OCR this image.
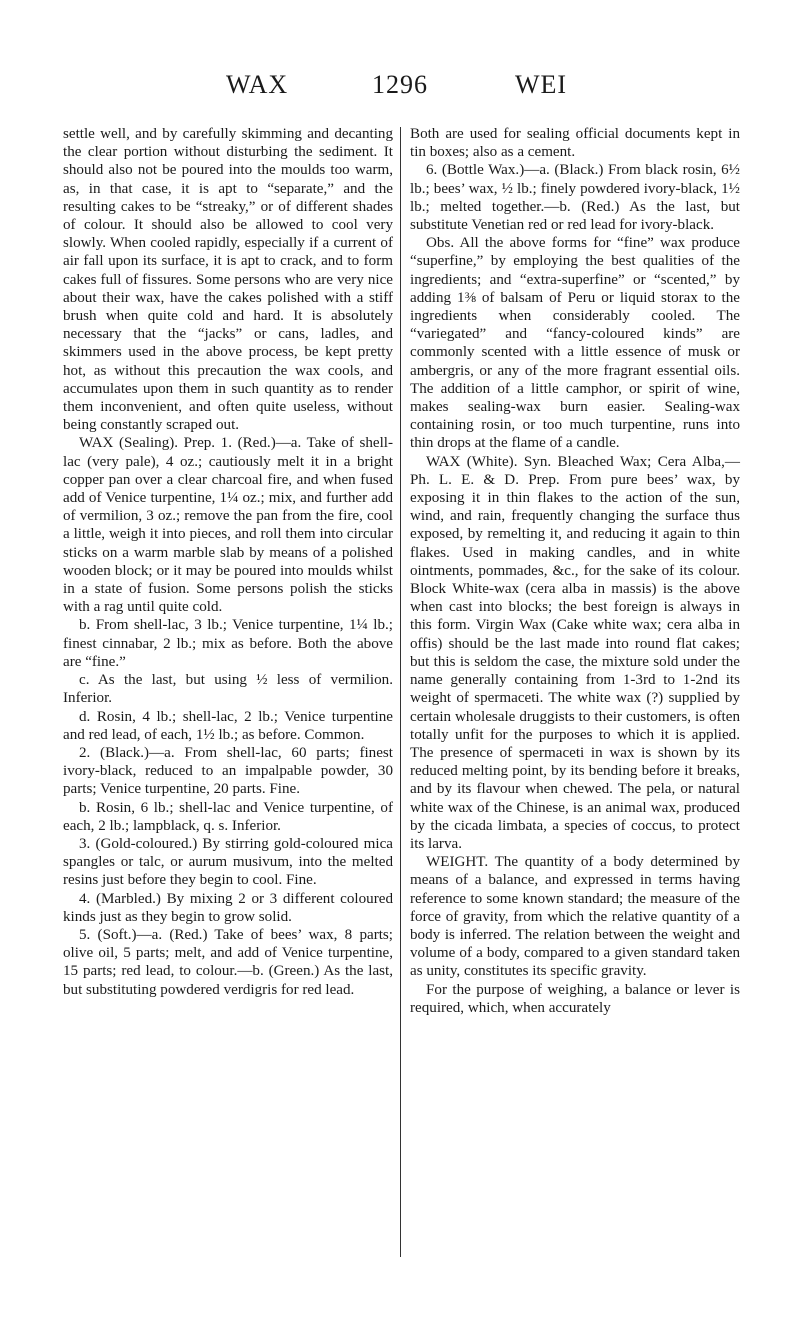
WAX	1296	WEI

settle well, and by carefully skimming and decanting the clear portion without disturbing the sediment. It should also not be poured into the moulds too warm, as, in that case, it is apt to “separate,” and the resulting cakes to be “streaky,” or of different shades of colour. It should also be allowed to cool very slowly. When cooled rapidly, especially if a current of air fall upon its surface, it is apt to crack, and to form cakes full of fissures. Some persons who are very nice about their wax, have the cakes polished with a stiff brush when quite cold and hard. It is absolutely necessary that the “jacks” or cans, ladles, and skimmers used in the above process, be kept pretty hot, as without this precaution the wax cools, and accumulates upon them in such quantity as to render them inconvenient, and often quite useless, without being constantly scraped out.

WAX (Sealing). Prep. 1. (Red.)—a. Take of shell-lac (very pale), 4 oz.; cautiously melt it in a bright copper pan over a clear charcoal fire, and when fused add of Venice turpentine, 1¼ oz.; mix, and further add of vermilion, 3 oz.; remove the pan from the fire, cool a little, weigh it into pieces, and roll them into circular sticks on a warm marble slab by means of a polished wooden block; or it may be poured into moulds whilst in a state of fusion. Some persons polish the sticks with a rag until quite cold.

b. From shell-lac, 3 lb.; Venice turpentine, 1¼ lb.; finest cinnabar, 2 lb.; mix as before. Both the above are “fine.”

c. As the last, but using ½ less of vermilion. Inferior.

d. Rosin, 4 lb.; shell-lac, 2 lb.; Venice turpentine and red lead, of each, 1½ lb.; as before. Common.

2. (Black.)—a. From shell-lac, 60 parts; finest ivory-black, reduced to an impalpable powder, 30 parts; Venice turpentine, 20 parts. Fine.

b. Rosin, 6 lb.; shell-lac and Venice turpentine, of each, 2 lb.; lampblack, q. s. Inferior.

3. (Gold-coloured.) By stirring gold-coloured mica spangles or talc, or aurum musivum, into the melted resins just before they begin to cool. Fine.

4. (Marbled.) By mixing 2 or 3 different coloured kinds just as they begin to grow solid.

5. (Soft.)—a. (Red.) Take of bees’ wax, 8 parts; olive oil, 5 parts; melt, and add of Venice turpentine, 15 parts; red lead, to colour.—b. (Green.) As the last, but substituting powdered verdigris for red lead.

Both are used for sealing official documents kept in tin boxes; also as a cement.

6. (Bottle Wax.)—a. (Black.) From black rosin, 6½ lb.; bees’ wax, ½ lb.; finely powdered ivory-black, 1½ lb.; melted together.—b. (Red.) As the last, but substitute Venetian red or red lead for ivory-black.

Obs. All the above forms for “fine” wax produce “superfine,” by employing the best qualities of the ingredients; and “extra-superfine” or “scented,” by adding 1⅜ of balsam of Peru or liquid storax to the ingredients when considerably cooled. The “variegated” and “fancy-coloured kinds” are commonly scented with a little essence of musk or ambergris, or any of the more fragrant essential oils. The addition of a little camphor, or spirit of wine, makes sealing-wax burn easier. Sealing-wax containing rosin, or too much turpentine, runs into thin drops at the flame of a candle.

WAX (White). Syn. Bleached Wax; Cera Alba,—Ph. L. E. & D. Prep. From pure bees’ wax, by exposing it in thin flakes to the action of the sun, wind, and rain, frequently changing the surface thus exposed, by remelting it, and reducing it again to thin flakes. Used in making candles, and in white ointments, pommades, &c., for the sake of its colour. Block White-wax (cera alba in massis) is the above when cast into blocks; the best foreign is always in this form. Virgin Wax (Cake white wax; cera alba in offis) should be the last made into round flat cakes; but this is seldom the case, the mixture sold under the name generally containing from 1-3rd to 1-2nd its weight of spermaceti. The white wax (?) supplied by certain wholesale druggists to their customers, is often totally unfit for the purposes to which it is applied. The presence of spermaceti in wax is shown by its reduced melting point, by its bending before it breaks, and by its flavour when chewed. The pela, or natural white wax of the Chinese, is an animal wax, produced by the cicada limbata, a species of coccus, to protect its larva.

WEIGHT. The quantity of a body determined by means of a balance, and expressed in terms having reference to some known standard; the measure of the force of gravity, from which the relative quantity of a body is inferred. The relation between the weight and volume of a body, compared to a given standard taken as unity, constitutes its specific gravity.

For the purpose of weighing, a balance or lever is required, which, when accurately
